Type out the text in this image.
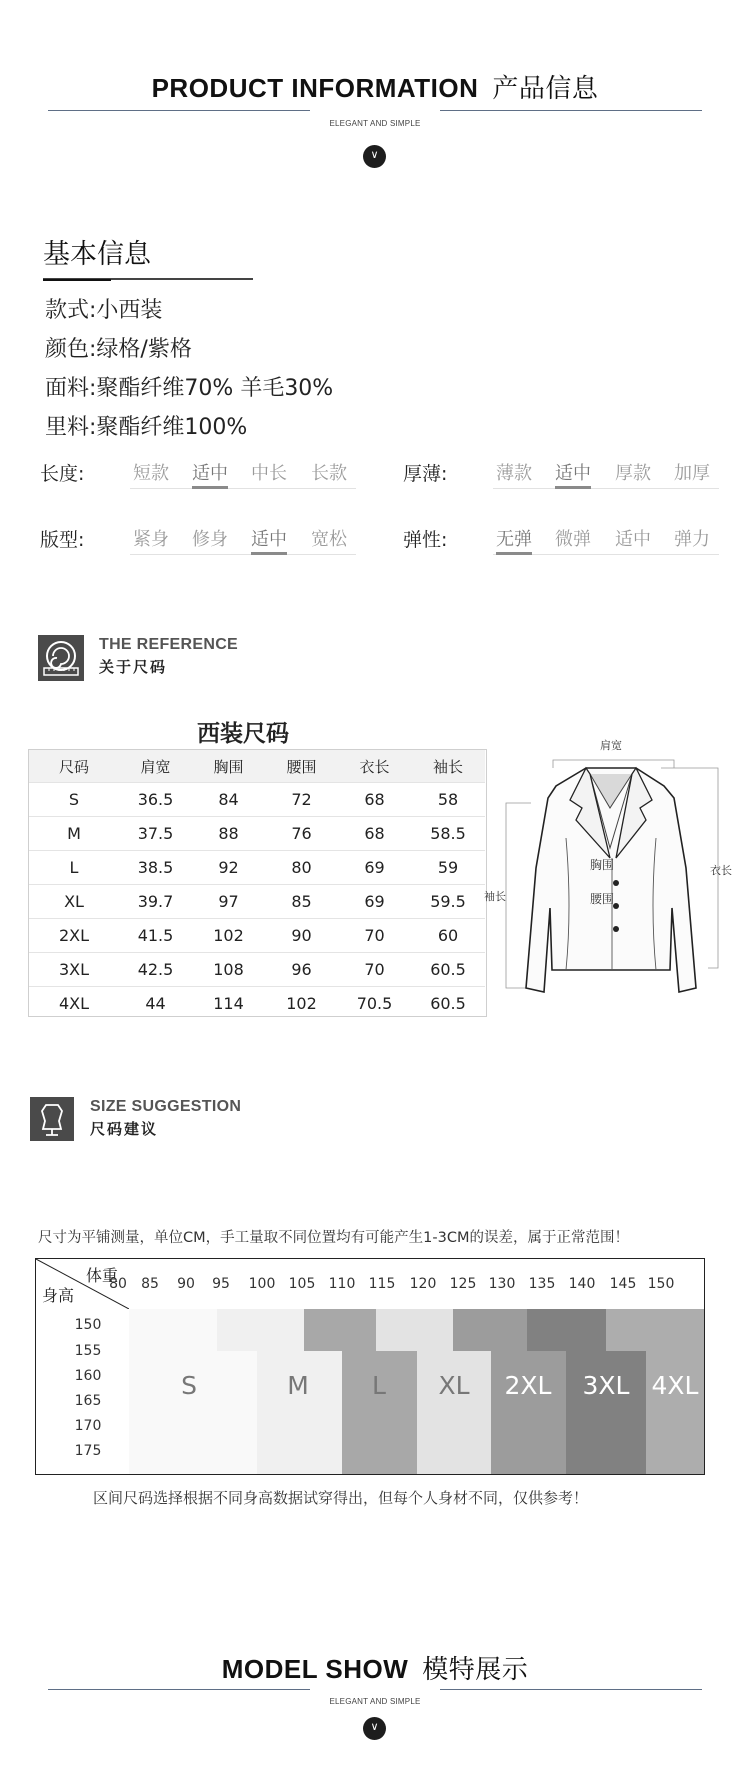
PRODUCT INFORMATION 产品信息
ELEGANT AND SIMPLE
∨
基本信息
款式:小西装
颜色:绿格/紫格
面料:聚酯纤维70% 羊毛30%
里料:聚酯纤维100%
长度:	厚薄:
版型:	弹性:
短款 适中 中长 长款	薄款 适中 厚款 加厚
紧身 修身 适中 宽松	无弹 微弹 适中 弹力
THE REFERENCE
关于尺码
西装尺码
尺码	肩宽	胸围	腰围	衣长	袖长
S	36.5	84	72	68	58
M	37.5	88	76	68	58.5
L	38.5	92	80	69	59
XL	39.7	97	85	69	59.5
2XL	41.5	102	90	70	60
3XL	42.5	108	96	70	60.5
4XL	44	114	102	70.5	60.5
肩宽
胸围
腰围
袖长
衣长
SIZE SUGGESTION
尺码建议
尺寸为平铺测量，单位CM，手工量取不同位置均有可能产生1-3CM的误差，属于正常范围！
体重
身高
80	85	90	95	100 105 110 115 120 125 130 135 140 145 150
150
155
160
165
170
175
S	M	L	XL	2XL	3XL 4XL
区间尺码选择根据不同身高数据试穿得出，但每个人身材不同，仅供参考！
MODEL SHOW 模特展示
ELEGANT AND SIMPLE
∨
